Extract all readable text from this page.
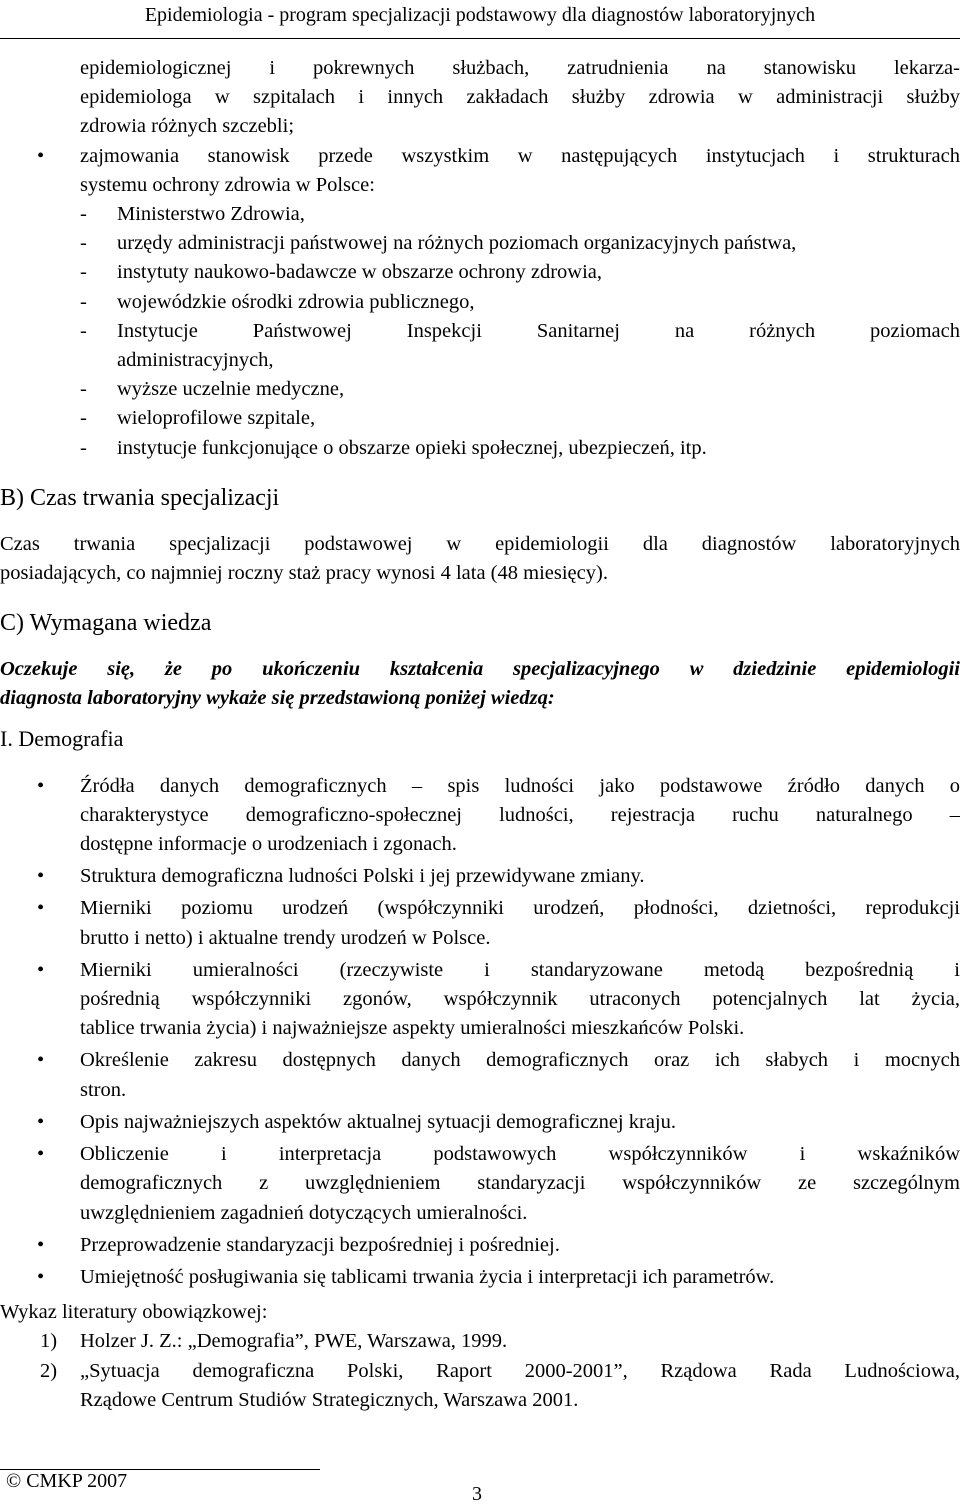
Epidemiologia - program specjalizacji podstawowy dla diagnostów laboratoryjnych
epidemiologicznej i pokrewnych służbach, zatrudnienia na stanowisku lekarza-
epidemiologa w szpitalach i innych zakładach służby zdrowia w administracji służby
zdrowia różnych szczebli;
• zajmowania stanowisk przede wszystkim w następujących instytucjach i strukturach
systemu ochrony zdrowia w Polsce:
- Ministerstwo Zdrowia,
- urzędy administracji państwowej na różnych poziomach organizacyjnych państwa,
- instytuty naukowo-badawcze w obszarze ochrony zdrowia,
- wojewódzkie ośrodki zdrowia publicznego,
- Instytucje Państwowej Inspekcji Sanitarnej na różnych poziomach
administracyjnych,
- wyższe uczelnie medyczne,
- wieloprofilowe szpitale,
- instytucje funkcjonujące o obszarze opieki społecznej, ubezpieczeń, itp.
B) Czas trwania specjalizacji
Czas trwania specjalizacji podstawowej w epidemiologii dla diagnostów laboratoryjnych
posiadających, co najmniej roczny staż pracy wynosi 4 lata (48 miesięcy).
C) Wymagana wiedza
Oczekuje się, że po ukończeniu kształcenia specjalizacyjnego w dziedzinie epidemiologii
diagnosta laboratoryjny wykaże się przedstawioną poniżej wiedzą:
I. Demografia
• Źródła danych demograficznych – spis ludności jako podstawowe źródło danych o
charakterystyce demograficzno-społecznej ludności, rejestracja ruchu naturalnego –
dostępne informacje o urodzeniach i zgonach.
• Struktura demograficzna ludności Polski i jej przewidywane zmiany.
• Mierniki poziomu urodzeń (współczynniki urodzeń, płodności, dzietności, reprodukcji
brutto i netto) i aktualne trendy urodzeń w Polsce.
• Mierniki umieralności (rzeczywiste i standaryzowane metodą bezpośrednią i
pośrednią współczynniki zgonów, współczynnik utraconych potencjalnych lat życia,
tablice trwania życia) i najważniejsze aspekty umieralności mieszkańców Polski.
• Określenie zakresu dostępnych danych demograficznych oraz ich słabych i mocnych
stron.
• Opis najważniejszych aspektów aktualnej sytuacji demograficznej kraju.
• Obliczenie i interpretacja podstawowych współczynników i wskaźników
demograficznych z uwzględnieniem standaryzacji współczynników ze szczególnym
uwzględnieniem zagadnień dotyczących umieralności.
• Przeprowadzenie standaryzacji bezpośredniej i pośredniej.
• Umiejętność posługiwania się tablicami trwania życia i interpretacji ich parametrów.
Wykaz literatury obowiązkowej:
1) Holzer J. Z.: „Demografia”, PWE, Warszawa, 1999.
2) „Sytuacja demograficzna Polski, Raport 2000-2001”, Rządowa Rada Ludnościowa,
Rządowe Centrum Studiów Strategicznych, Warszawa 2001.
© CMKP 2007
3
